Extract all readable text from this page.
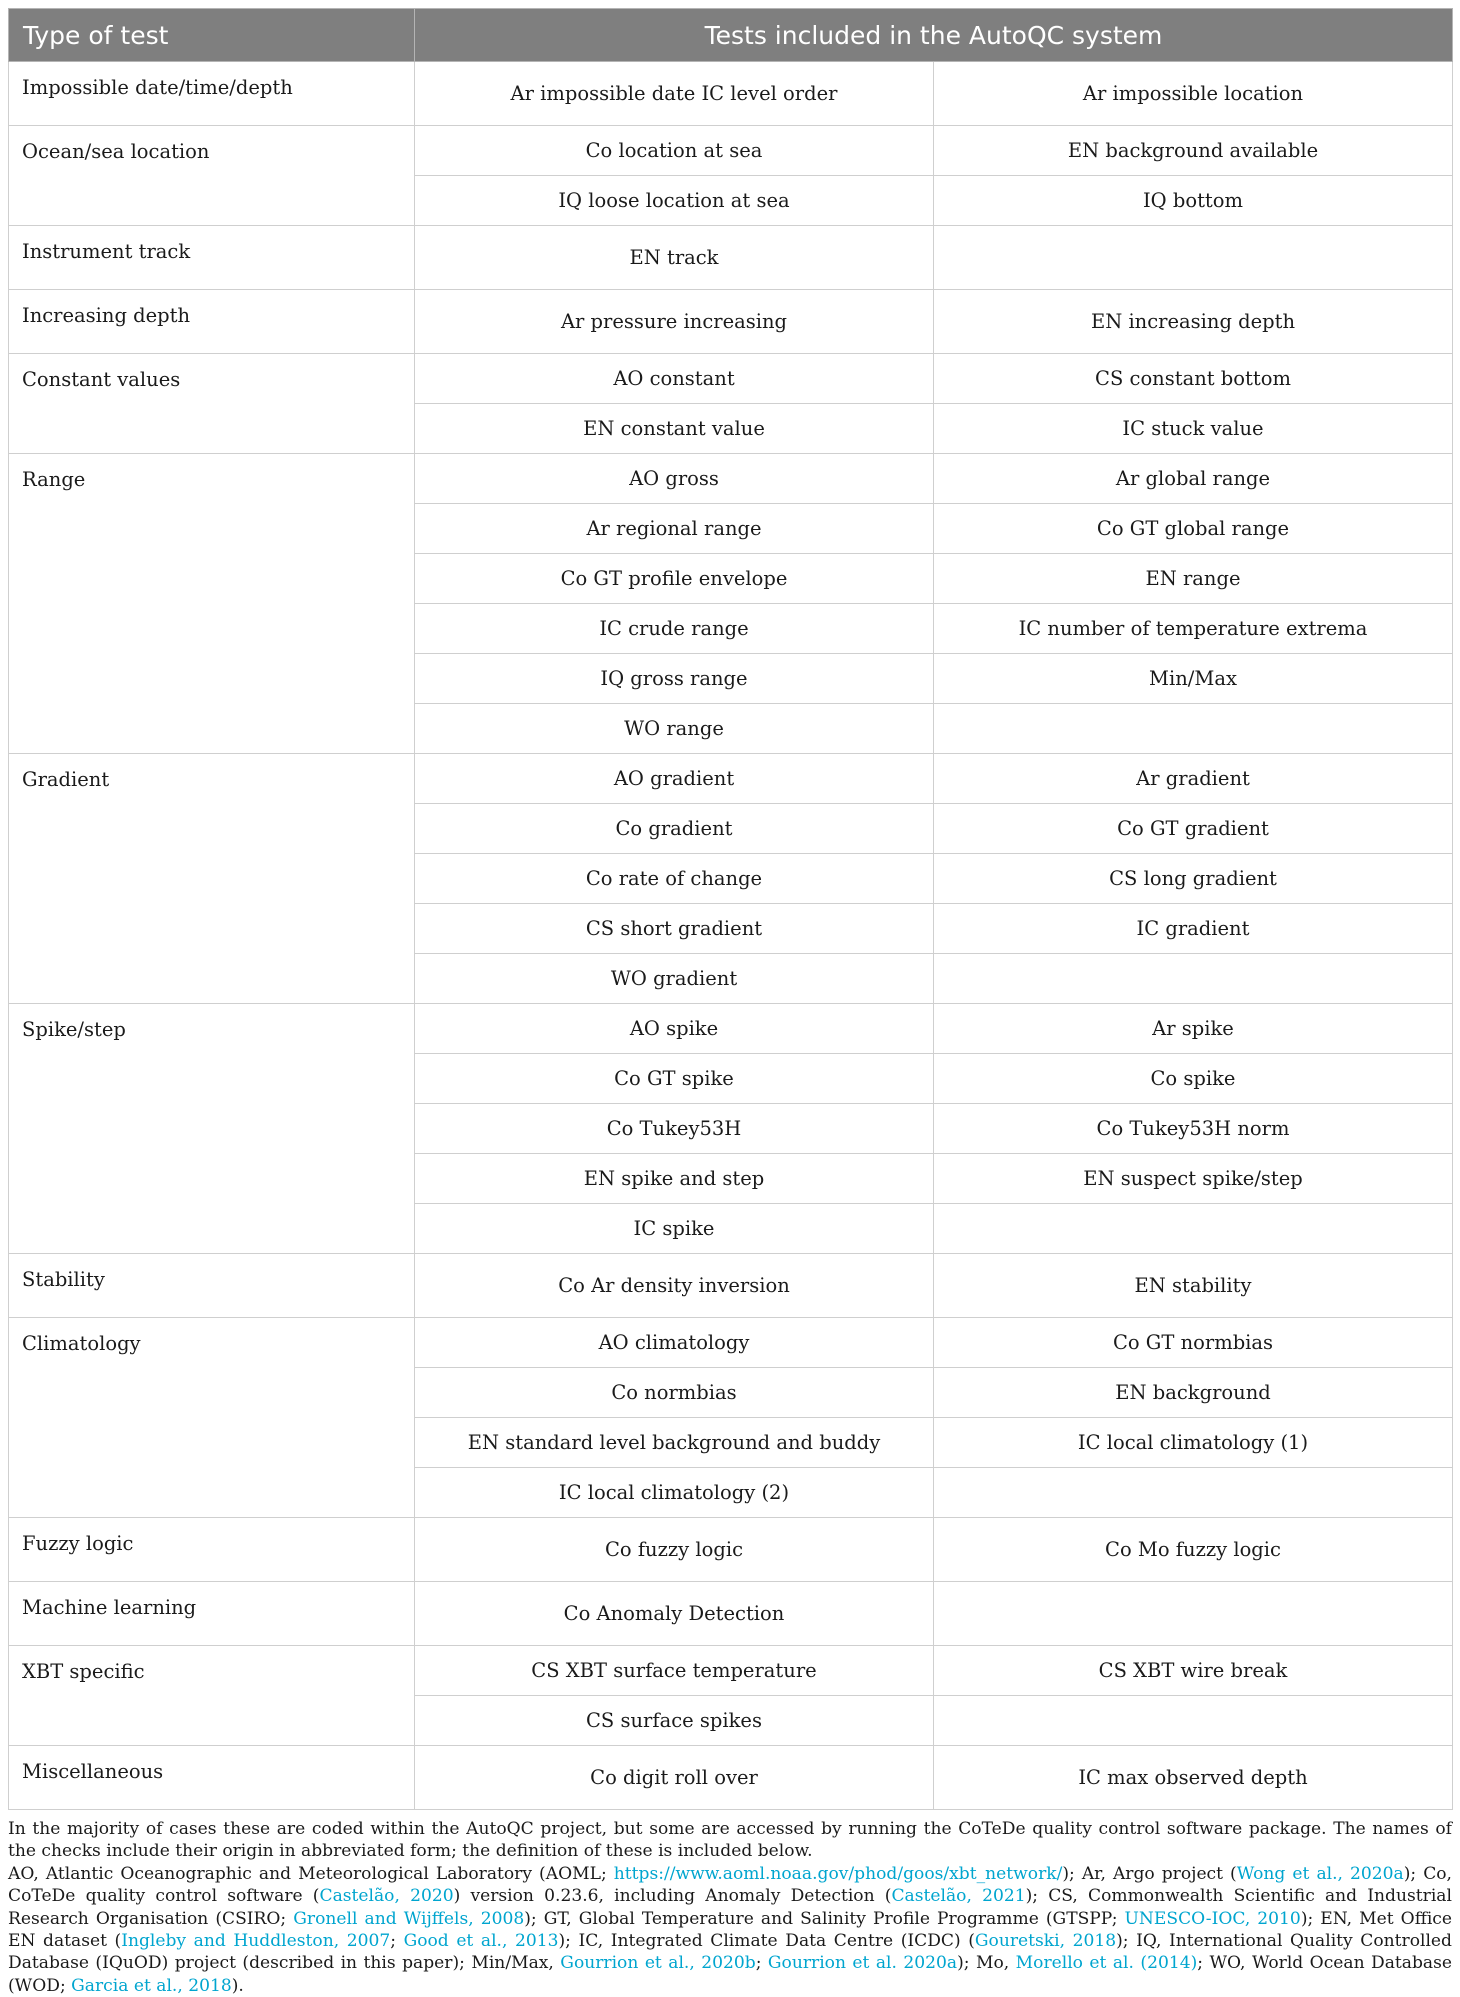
Type of test	Tests included in the AutoQC system	
Impossible date/time/depth	Ar impossible date IC level order	Ar impossible location
Ocean/sea location	Co location at sea	EN background available
	IQ loose location at sea	IQ bottom
Instrument track	EN track	
Increasing depth	Ar pressure increasing	EN increasing depth
Constant values	AO constant	CS constant bottom
	EN constant value	IC stuck value
Range	AO gross	Ar global range
	Ar regional range	Co GT global range
	Co GT profile envelope	EN range
	IC crude range	IC number of temperature extrema
	IQ gross range	Min/Max
	WO range	
Gradient	AO gradient	Ar gradient
	Co gradient	Co GT gradient
	Co rate of change	CS long gradient
	CS short gradient	IC gradient
	WO gradient	
Spike/step	AO spike	Ar spike
	Co GT spike	Co spike
	Co Tukey53H	Co Tukey53H norm
	EN spike and step	EN suspect spike/step
	IC spike	
Stability	Co Ar density inversion	EN stability
Climatology	AO climatology	Co GT normbias
	Co normbias	EN background
	EN standard level background and buddy	IC local climatology (1)
	IC local climatology (2)	
Fuzzy logic	Co fuzzy logic	Co Mo fuzzy logic
Machine learning	Co Anomaly Detection	
XBT specific	CS XBT surface temperature	CS XBT wire break
	CS surface spikes	
Miscellaneous	Co digit roll over	IC max observed depth

In the majority of cases these are coded within the AutoQC project, but some are accessed by running the CoTeDe quality control software package. The names of the checks include their origin in abbreviated form; the definition of these is included below.

AO, Atlantic Oceanographic and Meteorological Laboratory (AOML; https://www.aoml.noaa.gov/phod/goos/xbt_network/); Ar, Argo project (Wong et al., 2020a); Co, CoTeDe quality control software (Castelão, 2020) version 0.23.6, including Anomaly Detection (Castelão, 2021); CS, Commonwealth Scientific and Industrial Research Organisation (CSIRO; Gronell and Wijffels, 2008); GT, Global Temperature and Salinity Profile Programme (GTSPP; UNESCO-IOC, 2010); EN, Met Office EN dataset (Ingleby and Huddleston, 2007; Good et al., 2013); IC, Integrated Climate Data Centre (ICDC) (Gouretski, 2018); IQ, International Quality Controlled Database (IQuOD) project (described in this paper); Min/Max, Gourrion et al., 2020b; Gourrion et al. 2020a); Mo, Morello et al. (2014); WO, World Ocean Database (WOD; Garcia et al., 2018).
